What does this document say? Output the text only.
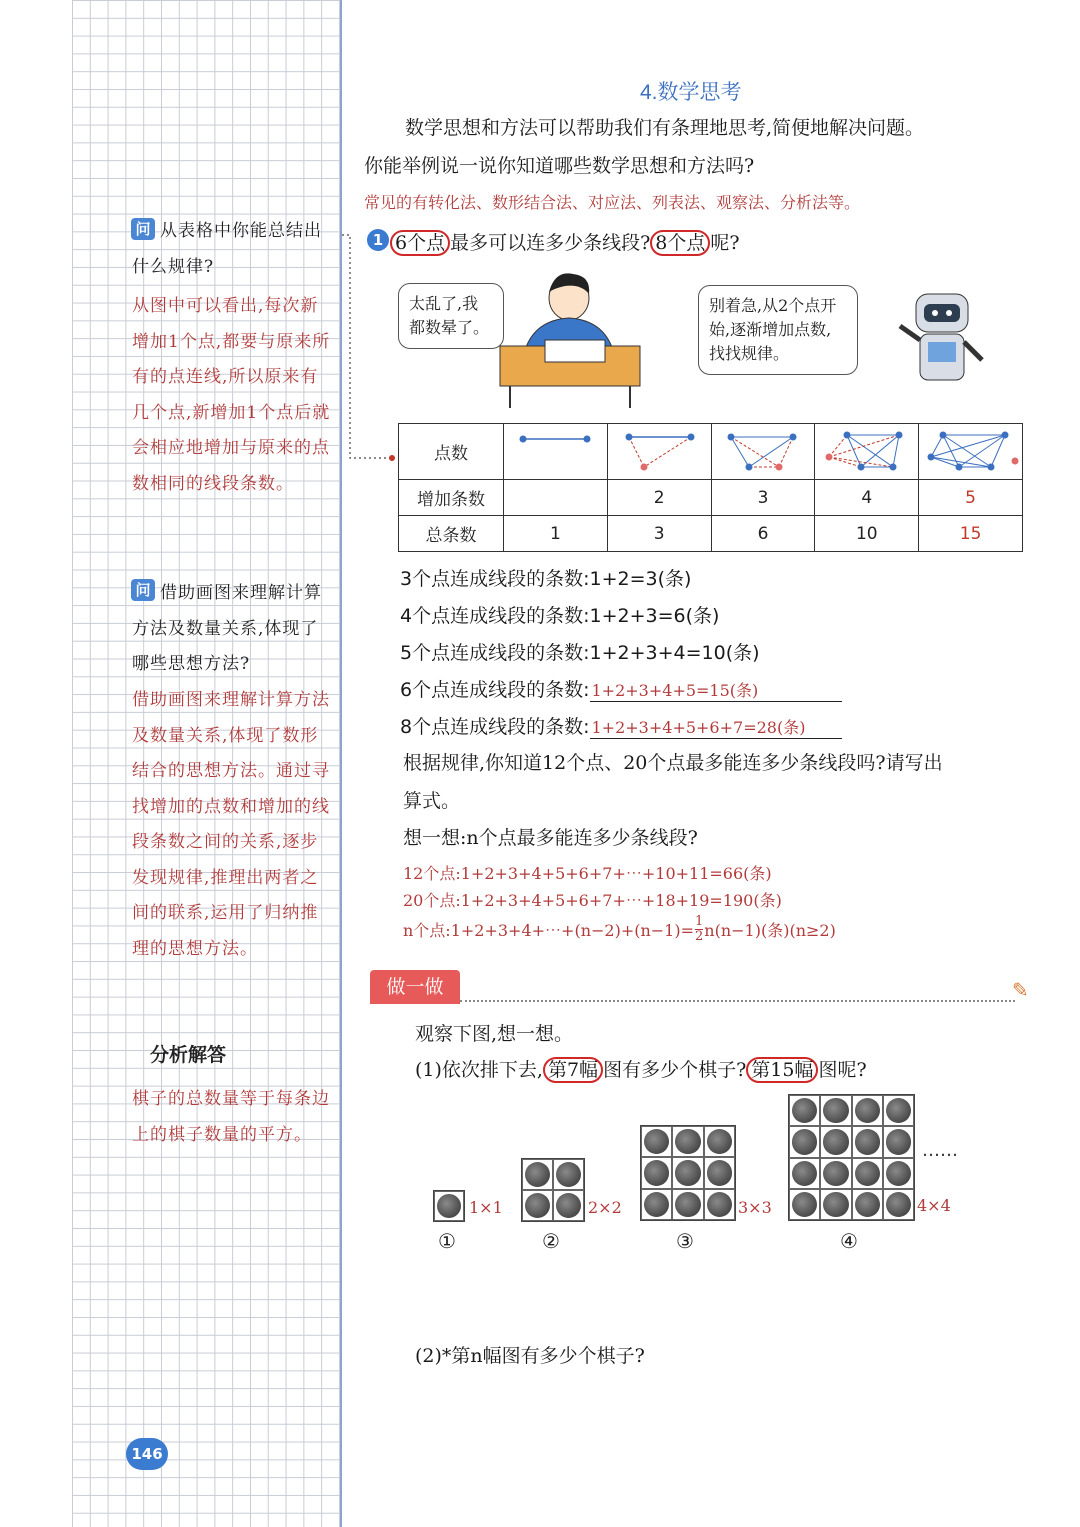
问 从表格中你能总结出什么规律?
从图中可以看出,每次新增加1个点,都要与原来所有的点连线,所以原来有几个点,新增加1个点后就会相应地增加与原来的点数相同的线段条数。
问 借助画图来理解计算方法及数量关系,体现了哪些思想方法?
借助画图来理解计算方法及数量关系,体现了数形结合的思想方法。通过寻找增加的点数和增加的线段条数之间的关系,逐步发现规律,推理出两者之间的联系,运用了归纳推理的思想方法。
分析解答
棋子的总数量等于每条边上的棋子数量的平方。
4.数学思考
数学思想和方法可以帮助我们有条理地思考,简便地解决问题。
你能举例说一说你知道哪些数学思想和方法吗?
常见的有转化法、数形结合法、对应法、列表法、观察法、分析法等。
1 6个点 最多可以连多少条线段? 8个点 呢?
太乱了,我都数晕了。
别着急,从2个点开始,逐渐增加点数,找找规律。
点数					
增加条数		2	3	4	5
总条数	1	3	6	10	15
3个点连成线段的条数:1+2=3(条)
4个点连成线段的条数:1+2+3=6(条)
5个点连成线段的条数:1+2+3+4=10(条)
6个点连成线段的条数: 1+2+3+4+5=15(条)
8个点连成线段的条数: 1+2+3+4+5+6+7=28(条)
根据规律,你知道12个点、20个点最多能连多少条线段吗?请写出
算式。
想一想:n个点最多能连多少条线段?
12个点:1+2+3+4+5+6+7+⋯+10+11=66(条)
20个点:1+2+3+4+5+6+7+⋯+18+19=190(条)
n个点:1+2+3+4+⋯+(n−2)+(n−1)= $\frac{1}{2} n(n-1)$(条)(n≥2)
做一做	✎
观察下图,想一想。
(1)依次排下去, 第7幅 图有多少个棋子? 第15幅 图呢?
1×1	2×2	3×3	4×4
……
①	②	③	④
(2)*第n幅图有多少个棋子?
146
